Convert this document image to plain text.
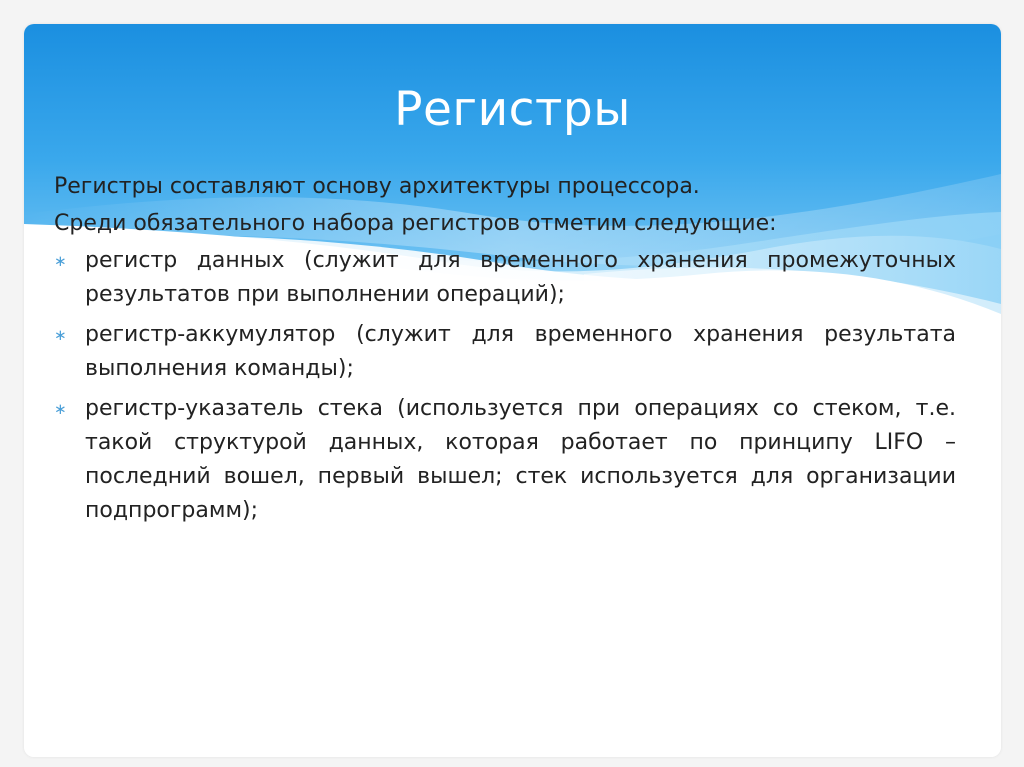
Регистры
Регистры составляют основу архитектуры процессора.
Среди обязательного набора регистров отметим следующие:
∗ регистр данных (служит для временного хранения промежуточных результатов при выполнении операций);
∗ регистр-аккумулятор (служит для временного хранения результата выполнения команды);
∗ регистр-указатель стека (используется при операциях со стеком, т.е. такой структурой данных, которая работает по принципу LIFO – последний вошел, первый вышел; стек используется для организации подпрограмм);
